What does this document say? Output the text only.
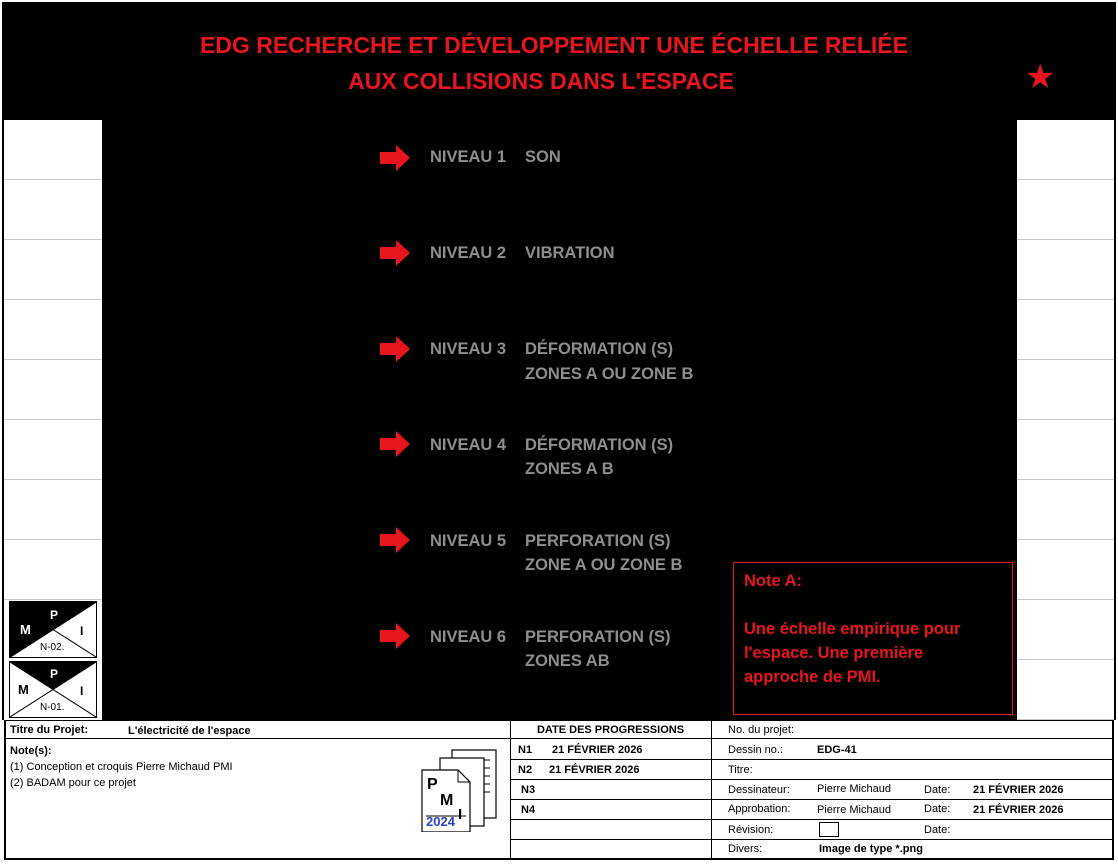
EDG RECHERCHE ET DÉVELOPPEMENT UNE ÉCHELLE RELIÉE
AUX COLLISIONS DANS L'ESPACE	★
NIVEAU 1 SON
NIVEAU 2 VIBRATION
NIVEAU 3 DÉFORMATION (S)
ZONES A OU ZONE B
NIVEAU 4 DÉFORMATION (S)
ZONES A B
NIVEAU 5 PERFORATION (S)
ZONE A OU ZONE B
NIVEAU 6 PERFORATION (S)
ZONES AB
Note A:
Une échelle empirique pour
l'espace. Une première
approche de PMI.
M
P
I
N-02.
M
P
I
N-01.
Titre du Projet:	L'électricité de l'espace
Note(s):
(1) Conception et croquis Pierre Michaud PMI
(2) BADAM pour ce projet	P
M
I
2024
DATE DES PROGRESSIONS
N1 21 FÉVRIER 2026
N2 21 FÉVRIER 2026
N3
N4
No. du projet:
Dessin no.:	EDG-41
Titre:
Dessinateur: Pierre Michaud	Date: 21 FÉVRIER 2026
Approbation: Pierre Michaud	Date: 21 FÉVRIER 2026
Révision:	Date:
Divers:	Image de type *.png
